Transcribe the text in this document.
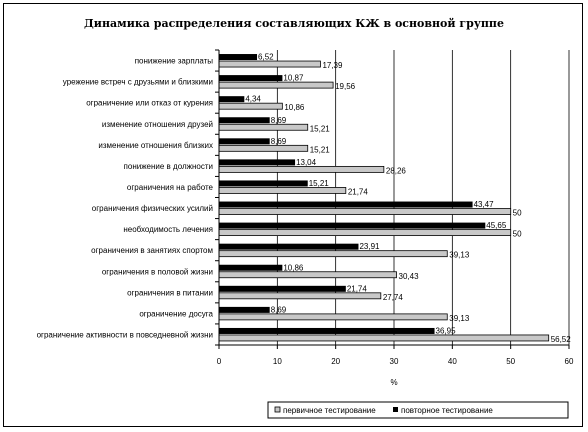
Динамика распределения составляющих КЖ в основной группе
6,52
17,39
10,87
19,56
4,34
10,86
8,69
15,21
8,69
15,21
13,04
28,26
15,21
21,74
43,47
50
45,65
50
23,91
39,13
10,86
30,43
21,74
27,74
8,69
39,13
36,95
56,52
0	10	20	30	40	50	60
понижение зарплаты
урежение встреч с друзьями и близкими
ограничение или отказ от курения
изменение отношения друзей
изменение отношения близких
понижение в должности
ограничения на работе
ограничения физических усилий
необходимость лечения
ограничения в занятиях спортом
ограничения в половой жизни
ограничения в питании
ограничение досуга
ограничение активности в повседневной жизни
%
первичное тестирование	повторное тестирование
